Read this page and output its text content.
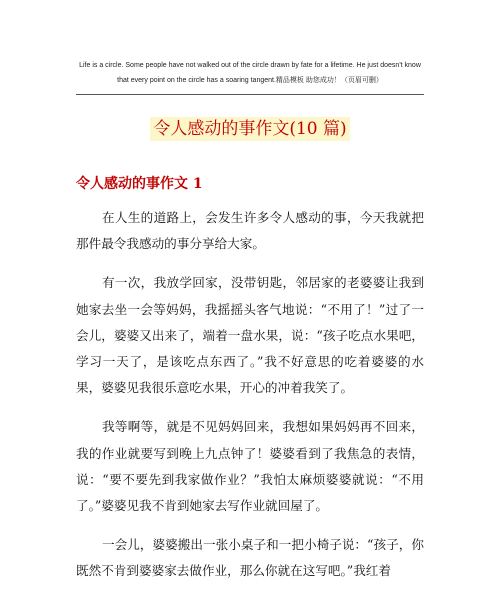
Life is a circle. Some people have not walked out of the circle drawn by fate for a lifetime. He just doesn't know
that every point on the circle has a soaring tangent.精品模板 助您成功！（页眉可删）
令人感动的事作文(10 篇)
令人感动的事作文 1

在人生的道路上，会发生许多令人感动的事，今天我就把那件最令我感动的事分享给大家。

有一次，我放学回家，没带钥匙，邻居家的老婆婆让我到她家去坐一会等妈妈，我摇摇头客气地说：“不用了！”过了一会儿，婆婆又出来了，端着一盘水果，说：“孩子吃点水果吧，学习一天了，是该吃点东西了。”我不好意思的吃着婆婆的水果，婆婆见我很乐意吃水果，开心的冲着我笑了。

我等啊等，就是不见妈妈回来，我想如果妈妈再不回来，我的作业就要写到晚上九点钟了！婆婆看到了我焦急的表情，说：“要不要先到我家做作业？”我怕太麻烦婆婆就说：“不用了。”婆婆见我不肯到她家去写作业就回屋了。

一会儿，婆婆搬出一张小桌子和一把小椅子说：“孩子，你既然不肯到婆婆家去做作业，那么你就在这写吧。”我红着
